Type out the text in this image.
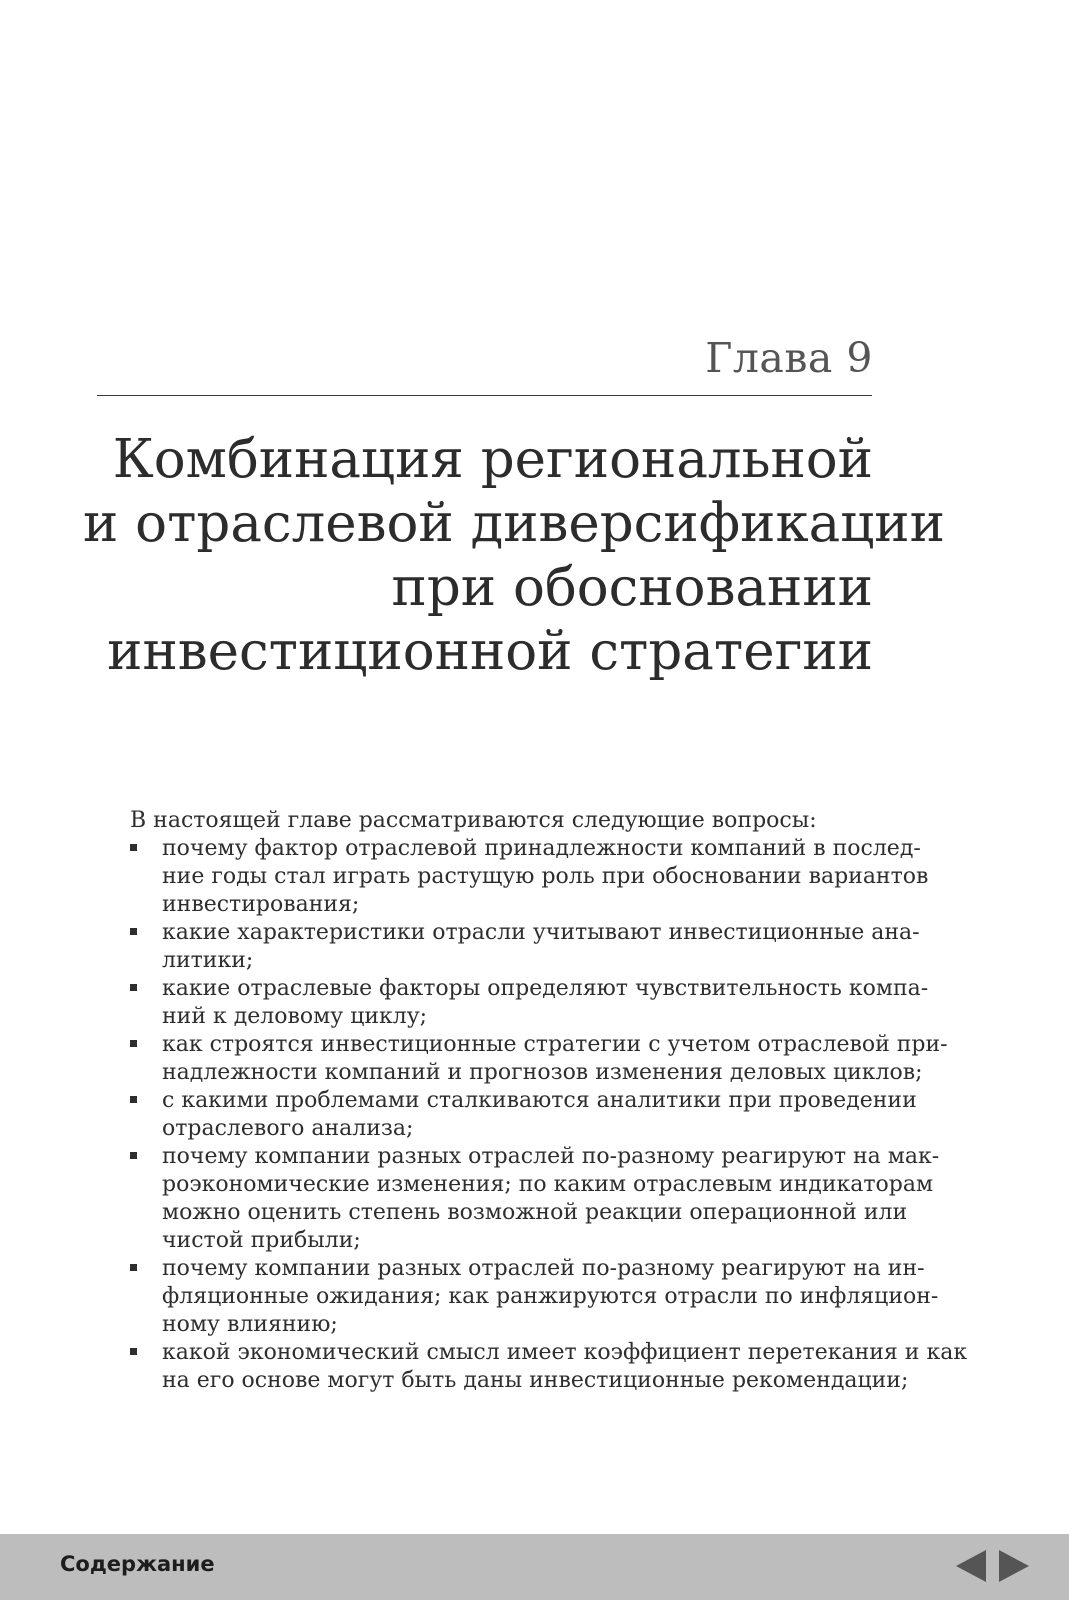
Глава 9
Комбинация региональной
и отраслевой диверсификации
при обосновании
инвестиционной стратегии
В настоящей главе рассматриваются следующие вопросы:
почему фактор отраслевой принадлежности компаний в послед-
ние годы стал играть растущую роль при обосновании вариантов
инвестирования;
какие характеристики отрасли учитывают инвестиционные ана-
литики;
какие отраслевые факторы определяют чувствительность компа-
ний к деловому циклу;
как строятся инвестиционные стратегии с учетом отраслевой при-
надлежности компаний и прогнозов изменения деловых циклов;
с какими проблемами сталкиваются аналитики при проведении
отраслевого анализа;
почему компании разных отраслей по-разному реагируют на мак-
роэкономические изменения; по каким отраслевым индикаторам
можно оценить степень возможной реакции операционной или
чистой прибыли;
почему компании разных отраслей по-разному реагируют на ин-
фляционные ожидания; как ранжируются отрасли по инфляцион-
ному влиянию;
какой экономический смысл имеет коэффициент перетекания и как
на его основе могут быть даны инвестиционные рекомендации;
Содержание
